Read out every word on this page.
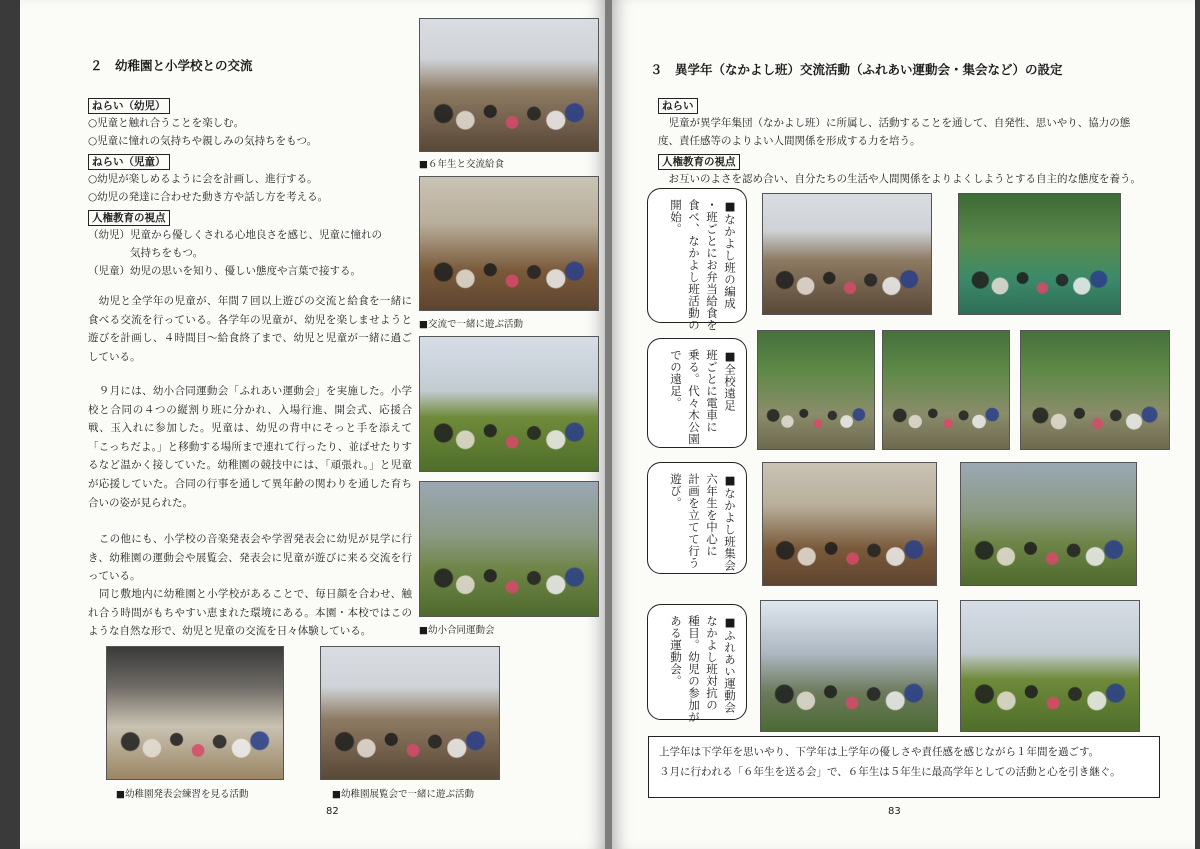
２　幼稚園と小学校との交流
ねらい（幼児）
○児童と触れ合うことを楽しむ。
○児童に憧れの気持ちや親しみの気持ちをもつ。
ねらい（児童）
○幼児が楽しめるように会を計画し、進行する。
○幼児の発達に合わせた動き方や話し方を考える。
人権教育の視点
（幼児）児童から優しくされる心地良さを感じ、児童に憧れの
　　　　気持ちをもつ。
（児童）幼児の思いを知り、優しい態度や言葉で接する。
　幼児と全学年の児童が、年間７回以上遊びの交流と給食を一緒に食べる交流を行っている。各学年の児童が、幼児を楽しませようと遊びを計画し、４時間目～給食終了まで、幼児と児童が一緒に過ごしている。
　９月には、幼小合同運動会「ふれあい運動会」を実施した。小学校と合同の４つの縦割り班に分かれ、入場行進、開会式、応援合戦、玉入れに参加した。児童は、幼児の背中にそっと手を添えて「こっちだよ。」と移動する場所まで連れて行ったり、並ばせたりするなど温かく接していた。幼稚園の競技中には、「頑張れ。」と児童が応援していた。合同の行事を通して異年齢の関わりを通した育ち合いの姿が見られた。
　この他にも、小学校の音楽発表会や学習発表会に幼児が見学に行き、幼稚園の運動会や展覧会、発表会に児童が遊びに来る交流を行っている。
　同じ敷地内に幼稚園と小学校があることで、毎日顔を合わせ、触れ合う時間がもちやすい恵まれた環境にある。本園・本校ではこのような自然な形で、幼児と児童の交流を日々体験している。
■６年生と交流給食
■交流で一緒に遊ぶ活動
■幼小合同運動会
■幼稚園発表会練習を見る活動	■幼稚園展覧会で一緒に遊ぶ活動
82
３　異学年（なかよし班）交流活動（ふれあい運動会・集会など）の設定
ねらい
　児童が異学年集団（なかよし班）に所属し、活動することを通して、自発性、思いやり、協力の態
度、責任感等のよりよい人間関係を形成する力を培う。
人権教育の視点
　お互いのよさを認め合い、自分たちの生活や人間関係をよりよくしようとする自主的な態度を養う。
■なかよし班の編成
・班ごとにお弁当給食を
食べ、なかよし班活動の
開始。
■全校遠足
班ごとに電車に
乗る。代々木公園
での遠足。
■なかよし班集会
六年生を中心に
計画を立てて行う
遊び。
■ふれあい運動会
なかよし班対抗の
種目。幼児の参加が
ある運動会。
上学年は下学年を思いやり、下学年は上学年の優しさや責任感を感じながら１年間を過ごす。
３月に行われる「６年生を送る会」で、６年生は５年生に最高学年としての活動と心を引き継ぐ。
83
